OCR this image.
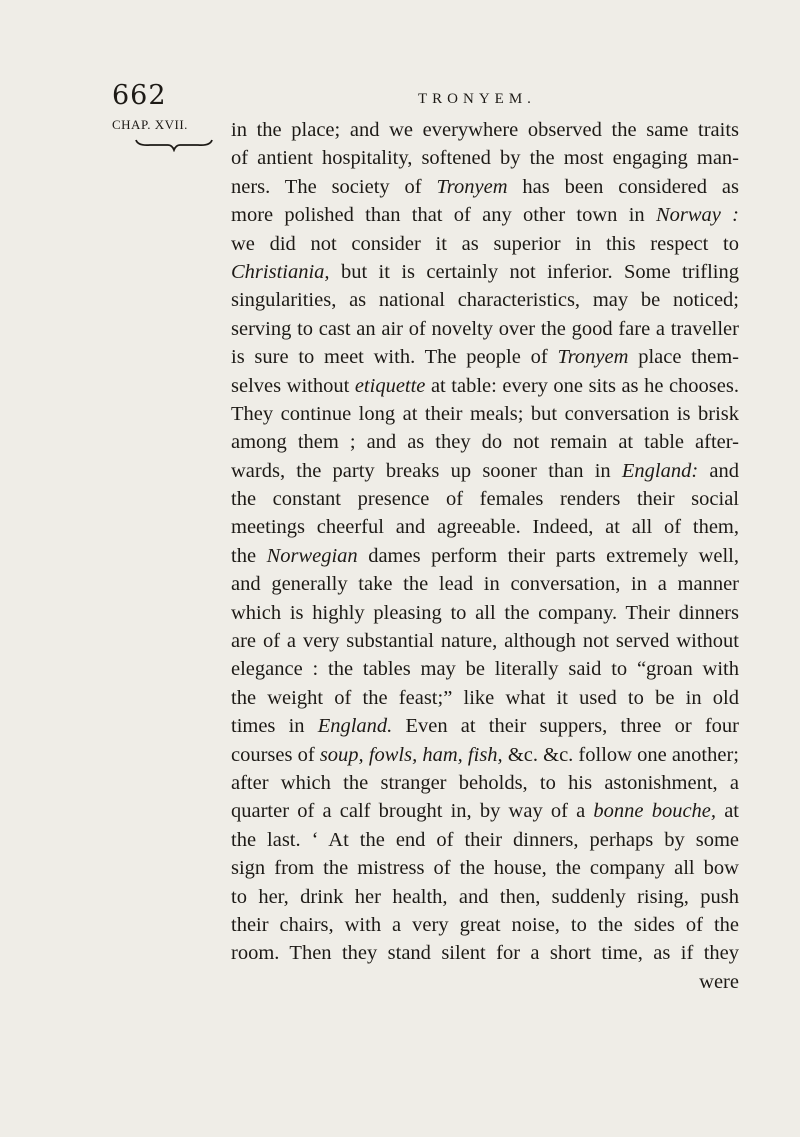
662	TRONYEM.
CHAP. XVII. in the place; and we everywhere observed the same traits
of antient hospitality, softened by the most engaging man-
ners. The society of Tronyem has been considered as
more polished than that of any other town in Norway :
we did not consider it as superior in this respect to
Christiania, but it is certainly not inferior. Some trifling
singularities, as national characteristics, may be noticed;
serving to cast an air of novelty over the good fare a traveller
is sure to meet with. The people of Tronyem place them-
selves without etiquette at table: every one sits as he chooses.
They continue long at their meals; but conversation is brisk
among them ; and as they do not remain at table after-
wards, the party breaks up sooner than in England: and
the constant presence of females renders their social
meetings cheerful and agreeable. Indeed, at all of them,
the Norwegian dames perform their parts extremely well,
and generally take the lead in conversation, in a manner
which is highly pleasing to all the company. Their dinners
are of a very substantial nature, although not served without
elegance : the tables may be literally said to “groan with
the weight of the feast;” like what it used to be in old
times in England. Even at their suppers, three or four
courses of soup, fowls, ham, fish, &c. &c. follow one another;
after which the stranger beholds, to his astonishment, a
quarter of a calf brought in, by way of a bonne bouche, at
the last. ‘ At the end of their dinners, perhaps by some
sign from the mistress of the house, the company all bow
to her, drink her health, and then, suddenly rising, push
their chairs, with a very great noise, to the sides of the
room. Then they stand silent for a short time, as if they
were
